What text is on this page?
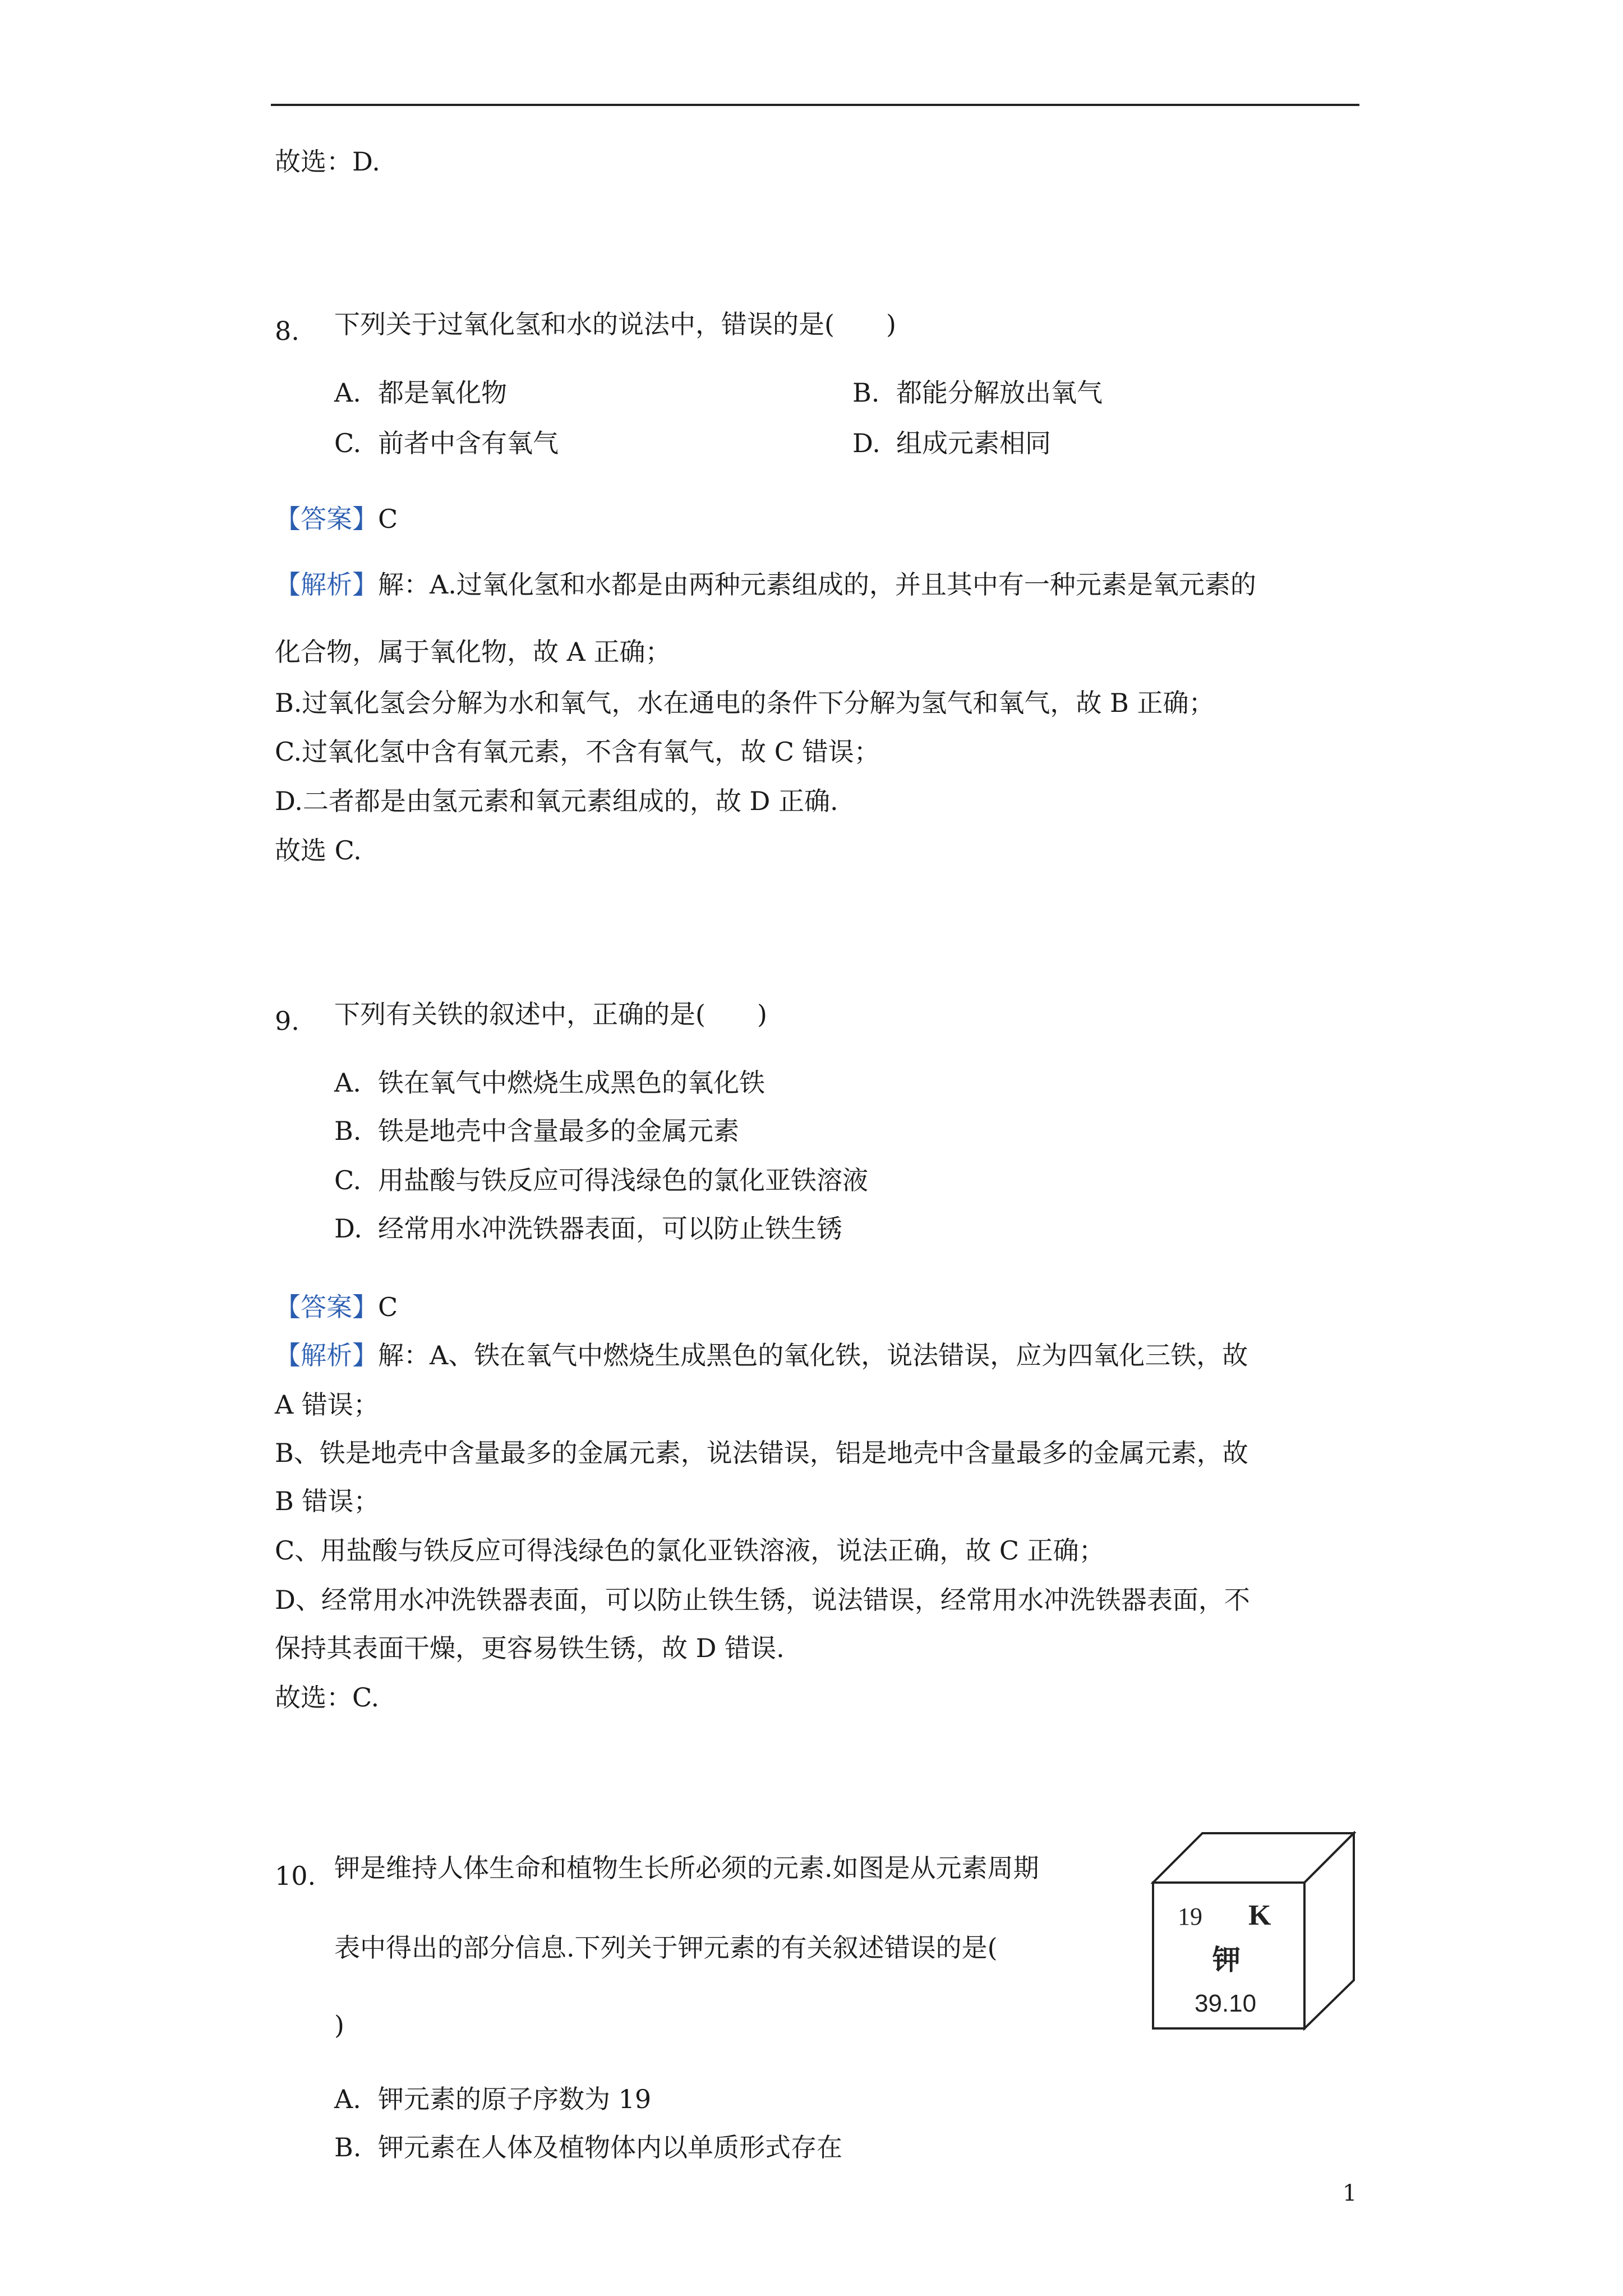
故选：D.
8. 下列关于过氧化氢和水的说法中，错误的是(　　)
A. 都是氧化物	B. 都能分解放出氧气
C. 前者中含有氧气	D. 组成元素相同
【答案】C
【解析】解：A.过氧化氢和水都是由两种元素组成的，并且其中有一种元素是氧元素的
化合物，属于氧化物，故 A 正确；
B.过氧化氢会分解为水和氧气，水在通电的条件下分解为氢气和氧气，故 B 正确；
C.过氧化氢中含有氧元素，不含有氧气，故 C 错误；
D.二者都是由氢元素和氧元素组成的，故 D 正确.
故选 C.
9. 下列有关铁的叙述中，正确的是(　　)
A. 铁在氧气中燃烧生成黑色的氧化铁
B. 铁是地壳中含量最多的金属元素
C. 用盐酸与铁反应可得浅绿色的氯化亚铁溶液
D. 经常用水冲洗铁器表面，可以防止铁生锈
【答案】C
【解析】解：A、铁在氧气中燃烧生成黑色的氧化铁，说法错误，应为四氧化三铁，故
A 错误；
B、铁是地壳中含量最多的金属元素，说法错误，铝是地壳中含量最多的金属元素，故
B 错误；
C、用盐酸与铁反应可得浅绿色的氯化亚铁溶液，说法正确，故 C 正确；
D、经常用水冲洗铁器表面，可以防止铁生锈，说法错误，经常用水冲洗铁器表面，不
保持其表面干燥，更容易铁生锈，故 D 错误.
故选：C.
10. 钾是维持人体生命和植物生长所必须的元素.如图是从元素周期
表中得出的部分信息.下列关于钾元素的有关叙述错误的是(
)
A. 钾元素的原子序数为 19
B. 钾元素在人体及植物体内以单质形式存在
19 K
钾
39.10
1
